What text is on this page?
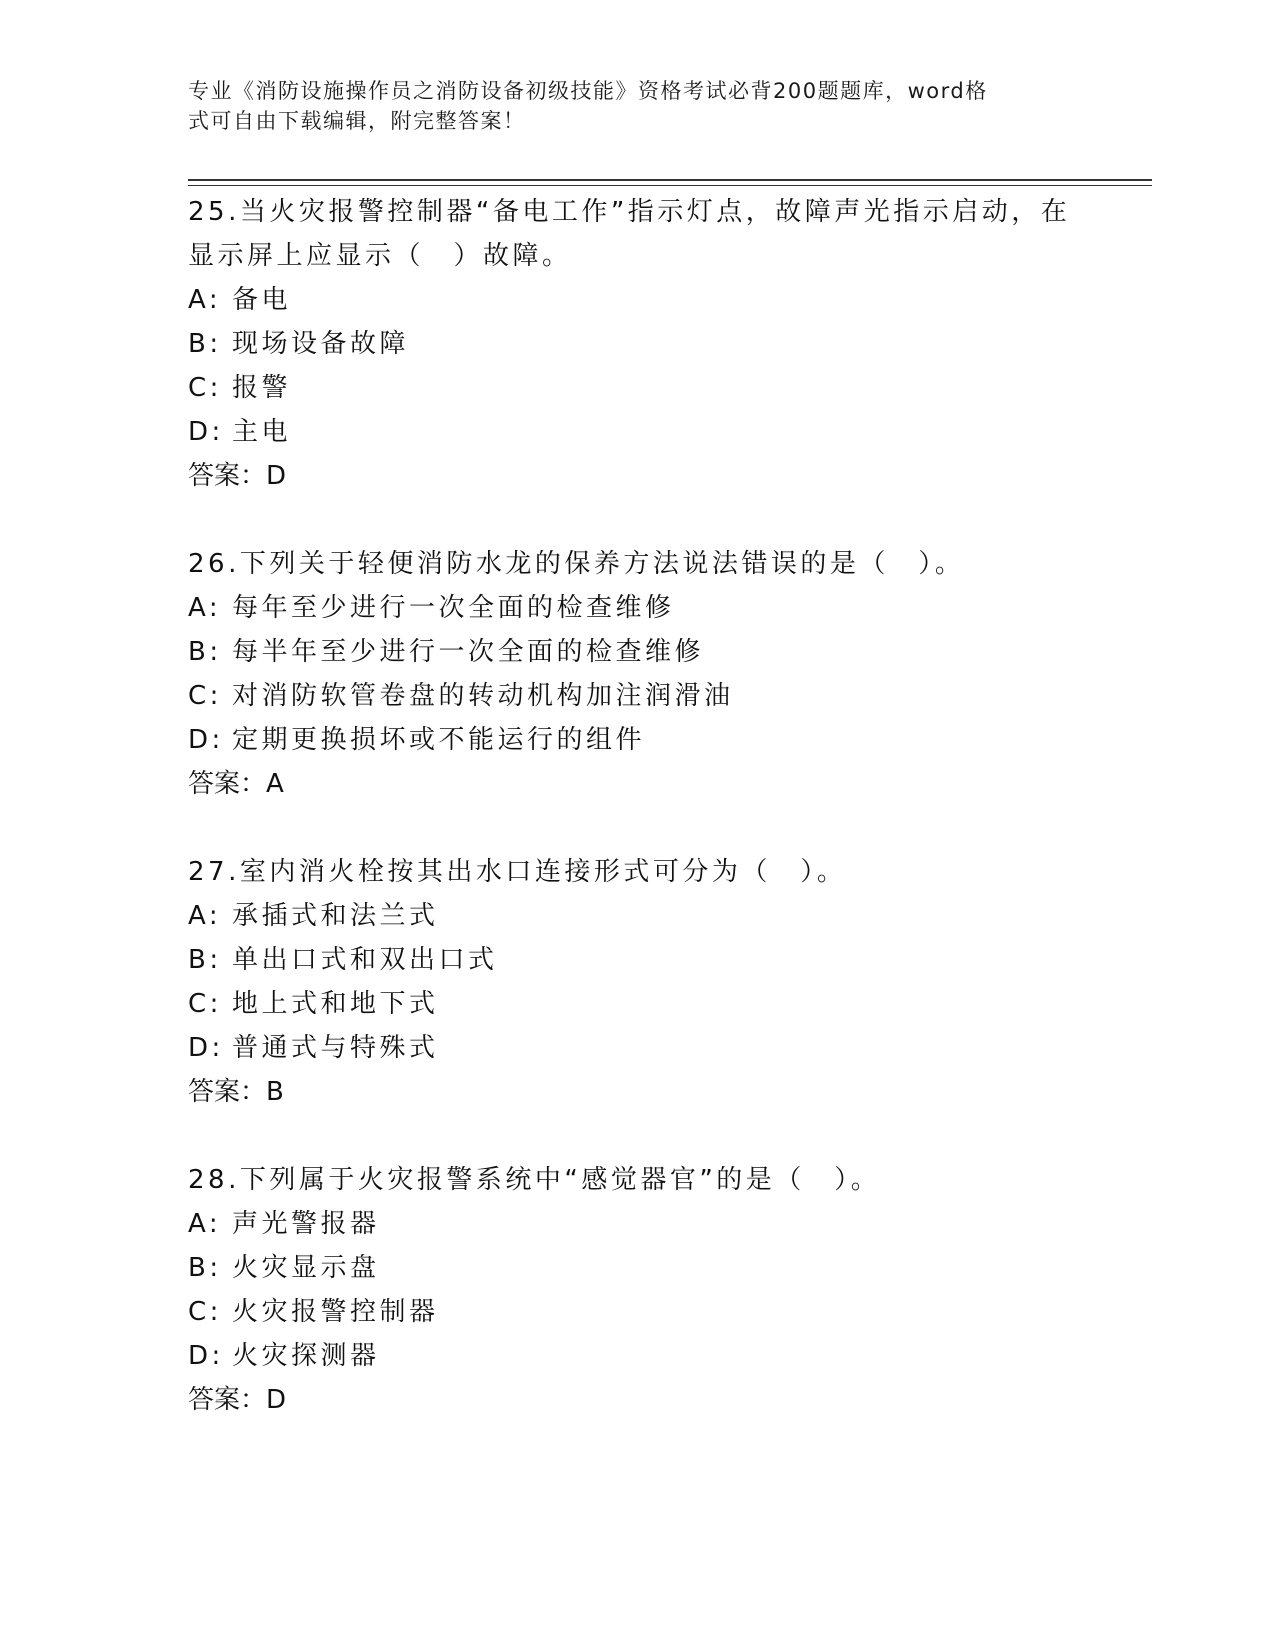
专业《消防设施操作员之消防设备初级技能》资格考试必背200题题库，word格
式可自由下载编辑，附完整答案！
25.当火灾报警控制器“备电工作”指示灯点，故障声光指示启动，在
显示屏上应显示（　）故障。
A: 备电
B: 现场设备故障
C: 报警
D: 主电
答案：D
26.下列关于轻便消防水龙的保养方法说法错误的是（　）。
A: 每年至少进行一次全面的检查维修
B: 每半年至少进行一次全面的检查维修
C: 对消防软管卷盘的转动机构加注润滑油
D: 定期更换损坏或不能运行的组件
答案：A
27.室内消火栓按其出水口连接形式可分为（　）。
A: 承插式和法兰式
B: 单出口式和双出口式
C: 地上式和地下式
D: 普通式与特殊式
答案：B
28.下列属于火灾报警系统中“感觉器官”的是（　）。
A: 声光警报器
B: 火灾显示盘
C: 火灾报警控制器
D: 火灾探测器
答案：D
